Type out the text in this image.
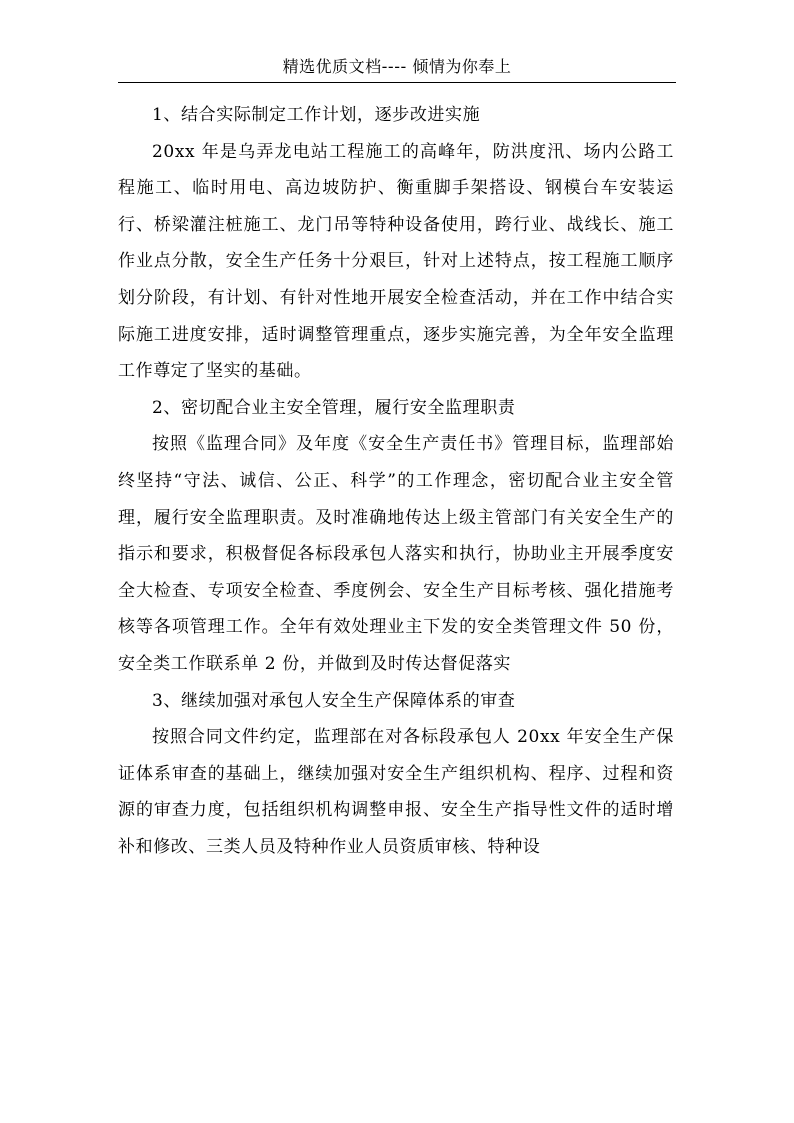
精选优质文档---- 倾情为你奉上

1、结合实际制定工作计划，逐步改进实施

20xx 年是乌弄龙电站工程施工的高峰年，防洪度汛、场内公路工程施工、临时用电、高边坡防护、衡重脚手架搭设、钢模台车安装运行、桥梁灌注桩施工、龙门吊等特种设备使用，跨行业、战线长、施工作业点分散，安全生产任务十分艰巨，针对上述特点，按工程施工顺序划分阶段，有计划、有针对性地开展安全检查活动，并在工作中结合实际施工进度安排，适时调整管理重点，逐步实施完善，为全年安全监理工作尊定了坚实的基础。

2、密切配合业主安全管理，履行安全监理职责

按照《监理合同》及年度《安全生产责任书》管理目标，监理部始终坚持“守法、诚信、公正、科学”的工作理念，密切配合业主安全管理，履行安全监理职责。及时准确地传达上级主管部门有关安全生产的指示和要求，积极督促各标段承包人落实和执行，协助业主开展季度安全大检查、专项安全检查、季度例会、安全生产目标考核、强化措施考核等各项管理工作。全年有效处理业主下发的安全类管理文件 50 份，安全类工作联系单 2 份，并做到及时传达督促落实

3、继续加强对承包人安全生产保障体系的审查

按照合同文件约定，监理部在对各标段承包人 20xx 年安全生产保证体系审查的基础上，继续加强对安全生产组织机构、程序、过程和资源的审查力度，包括组织机构调整申报、安全生产指导性文件的适时增补和修改、三类人员及特种作业人员资质审核、特种设
